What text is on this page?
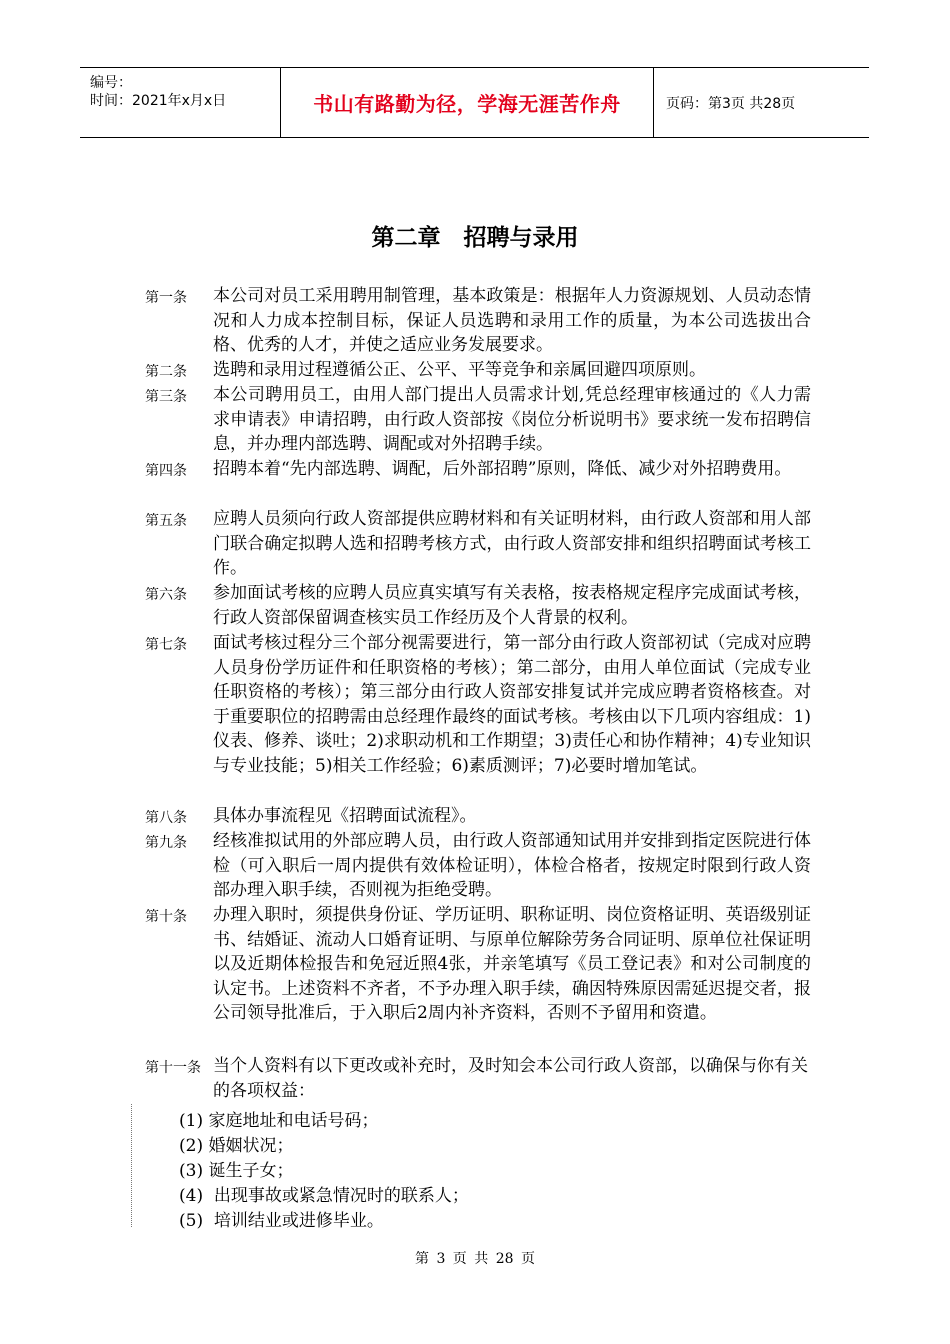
编号：
时间：2021年x月x日	书山有路勤为径，学海无涯苦作舟	页码：第3页 共28页
第二章　招聘与录用
第一条 本公司对员工采用聘用制管理，基本政策是：根据年人力资源规划、人员动态情况和人力成本控制目标，保证人员选聘和录用工作的质量，为本公司选拔出合格、优秀的人才，并使之适应业务发展要求。
第二条 选聘和录用过程遵循公正、公平、平等竞争和亲属回避四项原则。
第三条 本公司聘用员工，由用人部门提出人员需求计划,凭总经理审核通过的《人力需求申请表》申请招聘，由行政人资部按《岗位分析说明书》要求统一发布招聘信息，并办理内部选聘、调配或对外招聘手续。
第四条 招聘本着“先内部选聘、调配，后外部招聘”原则，降低、减少对外招聘费用。
第五条 应聘人员须向行政人资部提供应聘材料和有关证明材料，由行政人资部和用人部门联合确定拟聘人选和招聘考核方式，由行政人资部安排和组织招聘面试考核工作。
第六条 参加面试考核的应聘人员应真实填写有关表格，按表格规定程序完成面试考核，行政人资部保留调查核实员工作经历及个人背景的权利。
第七条 面试考核过程分三个部分视需要进行，第一部分由行政人资部初试（完成对应聘人员身份学历证件和任职资格的考核）；第二部分，由用人单位面试（完成专业任职资格的考核）；第三部分由行政人资部安排复试并完成应聘者资格核查。对于重要职位的招聘需由总经理作最终的面试考核。考核由以下几项内容组成：1)仪表、修养、谈吐；2)求职动机和工作期望；3)责任心和协作精神；4)专业知识与专业技能；5)相关工作经验；6)素质测评；7)必要时增加笔试。
第八条 具体办事流程见《招聘面试流程》。
第九条 经核准拟试用的外部应聘人员，由行政人资部通知试用并安排到指定医院进行体检（可入职后一周内提供有效体检证明），体检合格者，按规定时限到行政人资部办理入职手续，否则视为拒绝受聘。
第十条 办理入职时，须提供身份证、学历证明、职称证明、岗位资格证明、英语级别证书、结婚证、流动人口婚育证明、与原单位解除劳务合同证明、原单位社保证明以及近期体检报告和免冠近照4张，并亲笔填写《员工登记表》和对公司制度的认定书。上述资料不齐者，不予办理入职手续，确因特殊原因需延迟提交者，报公司领导批准后，于入职后2周内补齐资料，否则不予留用和资遣。
第十一条 当个人资料有以下更改或补充时，及时知会本公司行政人资部，以确保与你有关的各项权益：
(1) 家庭地址和电话号码；
(2) 婚姻状况；
(3) 诞生子女；
(4)  出现事故或紧急情况时的联系人；
(5)  培训结业或进修毕业。
第 3 页 共 28 页
